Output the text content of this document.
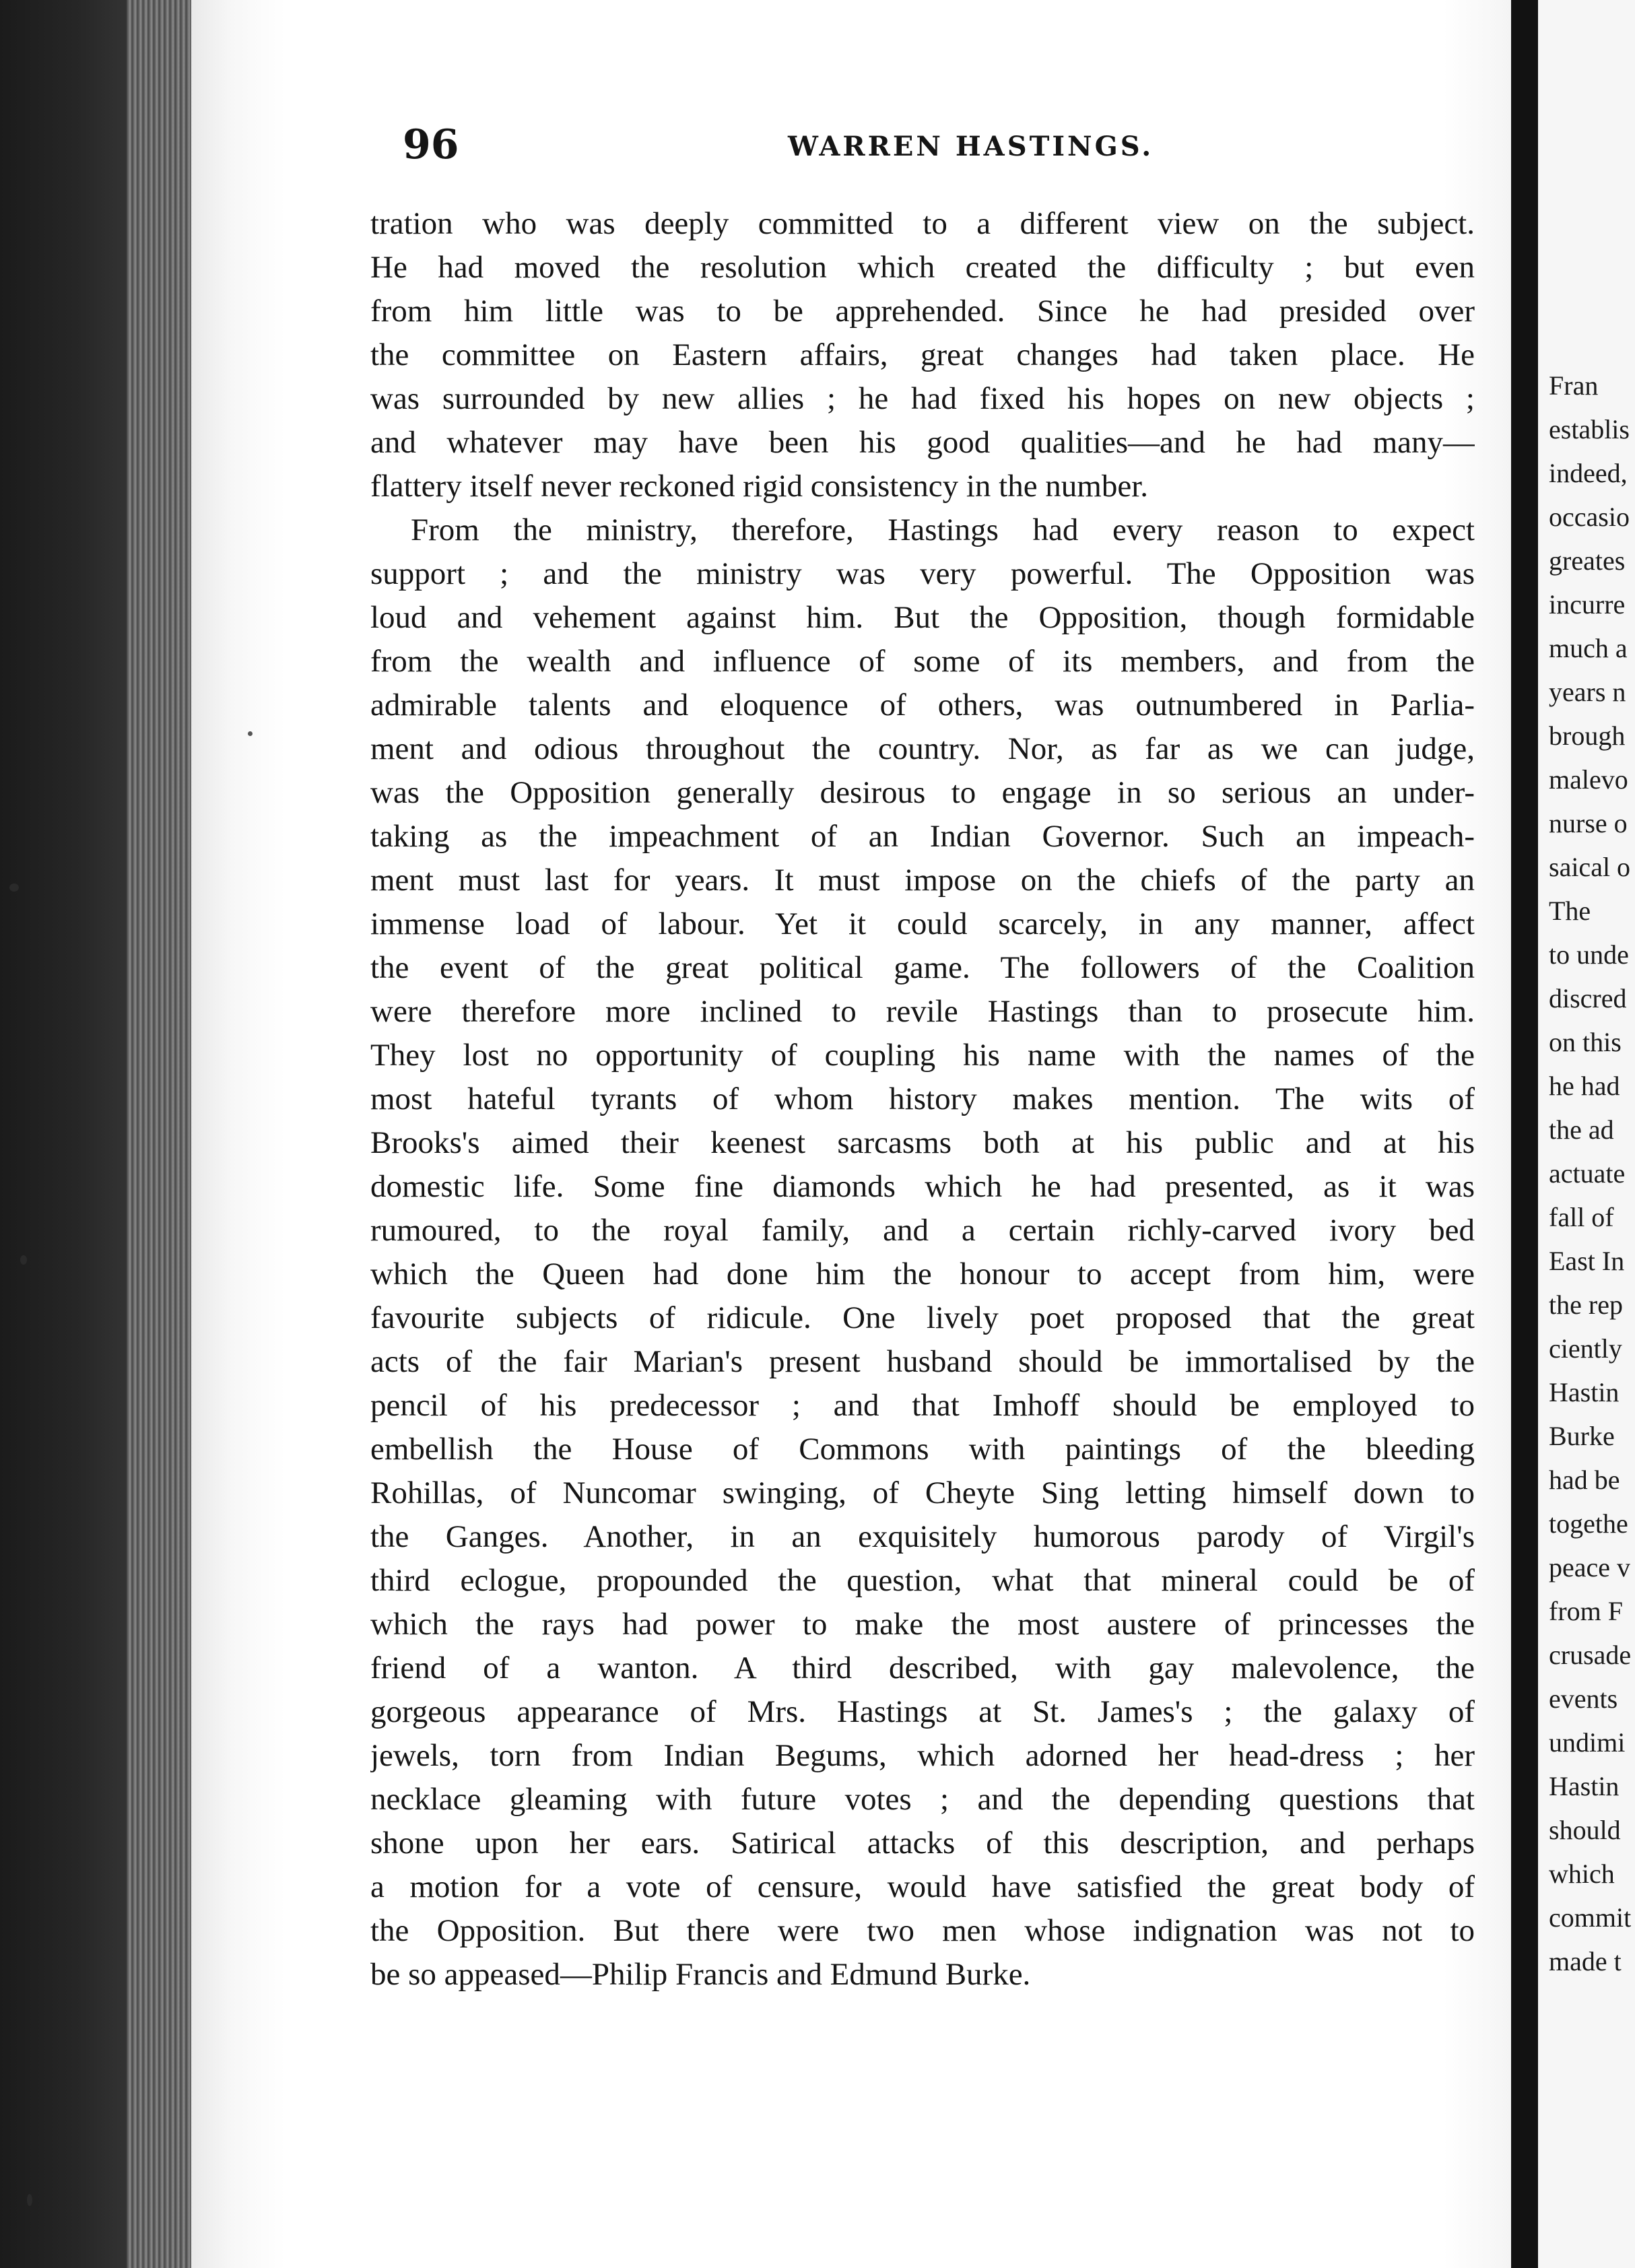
96	WARREN HASTINGS.
tration who was deeply committed to a different view on the subject.
He had moved the resolution which created the difficulty ; but even
from him little was to be apprehended. Since he had presided over
the committee on Eastern affairs, great changes had taken place. He
was surrounded by new allies ; he had fixed his hopes on new objects ;
and whatever may have been his good qualities—and he had many—
flattery itself never reckoned rigid consistency in the number.
From the ministry, therefore, Hastings had every reason to expect
support ; and the ministry was very powerful. The Opposition was
loud and vehement against him. But the Opposition, though formidable
from the wealth and influence of some of its members, and from the
admirable talents and eloquence of others, was outnumbered in Parlia-
ment and odious throughout the country. Nor, as far as we can judge,
was the Opposition generally desirous to engage in so serious an under-
taking as the impeachment of an Indian Governor. Such an impeach-
ment must last for years. It must impose on the chiefs of the party an
immense load of labour. Yet it could scarcely, in any manner, affect
the event of the great political game. The followers of the Coalition
were therefore more inclined to revile Hastings than to prosecute him.
They lost no opportunity of coupling his name with the names of the
most hateful tyrants of whom history makes mention. The wits of
Brooks's aimed their keenest sarcasms both at his public and at his
domestic life. Some fine diamonds which he had presented, as it was
rumoured, to the royal family, and a certain richly-carved ivory bed
which the Queen had done him the honour to accept from him, were
favourite subjects of ridicule. One lively poet proposed that the great
acts of the fair Marian's present husband should be immortalised by the
pencil of his predecessor ; and that Imhoff should be employed to
embellish the House of Commons with paintings of the bleeding
Rohillas, of Nuncomar swinging, of Cheyte Sing letting himself down to
the Ganges. Another, in an exquisitely humorous parody of Virgil's
third eclogue, propounded the question, what that mineral could be of
which the rays had power to make the most austere of princesses the
friend of a wanton. A third described, with gay malevolence, the
gorgeous appearance of Mrs. Hastings at St. James's ; the galaxy of
jewels, torn from Indian Begums, which adorned her head-dress ; her
necklace gleaming with future votes ; and the depending questions that
shone upon her ears. Satirical attacks of this description, and perhaps
a motion for a vote of censure, would have satisfied the great body of
the Opposition. But there were two men whose indignation was not to
be so appeased—Philip Francis and Edmund Burke.
Fran
establis
indeed,
occasio
greates
incurre
much a
years n
brough
malevo
nurse o
saical o
The
to unde
discred
on this
he had
the ad
actuate
fall of
East In
the rep
ciently
Hastin
Burke
had be
togethe
peace v
from F
crusade
events
undimi
Hastin
should
which
commit
made t
